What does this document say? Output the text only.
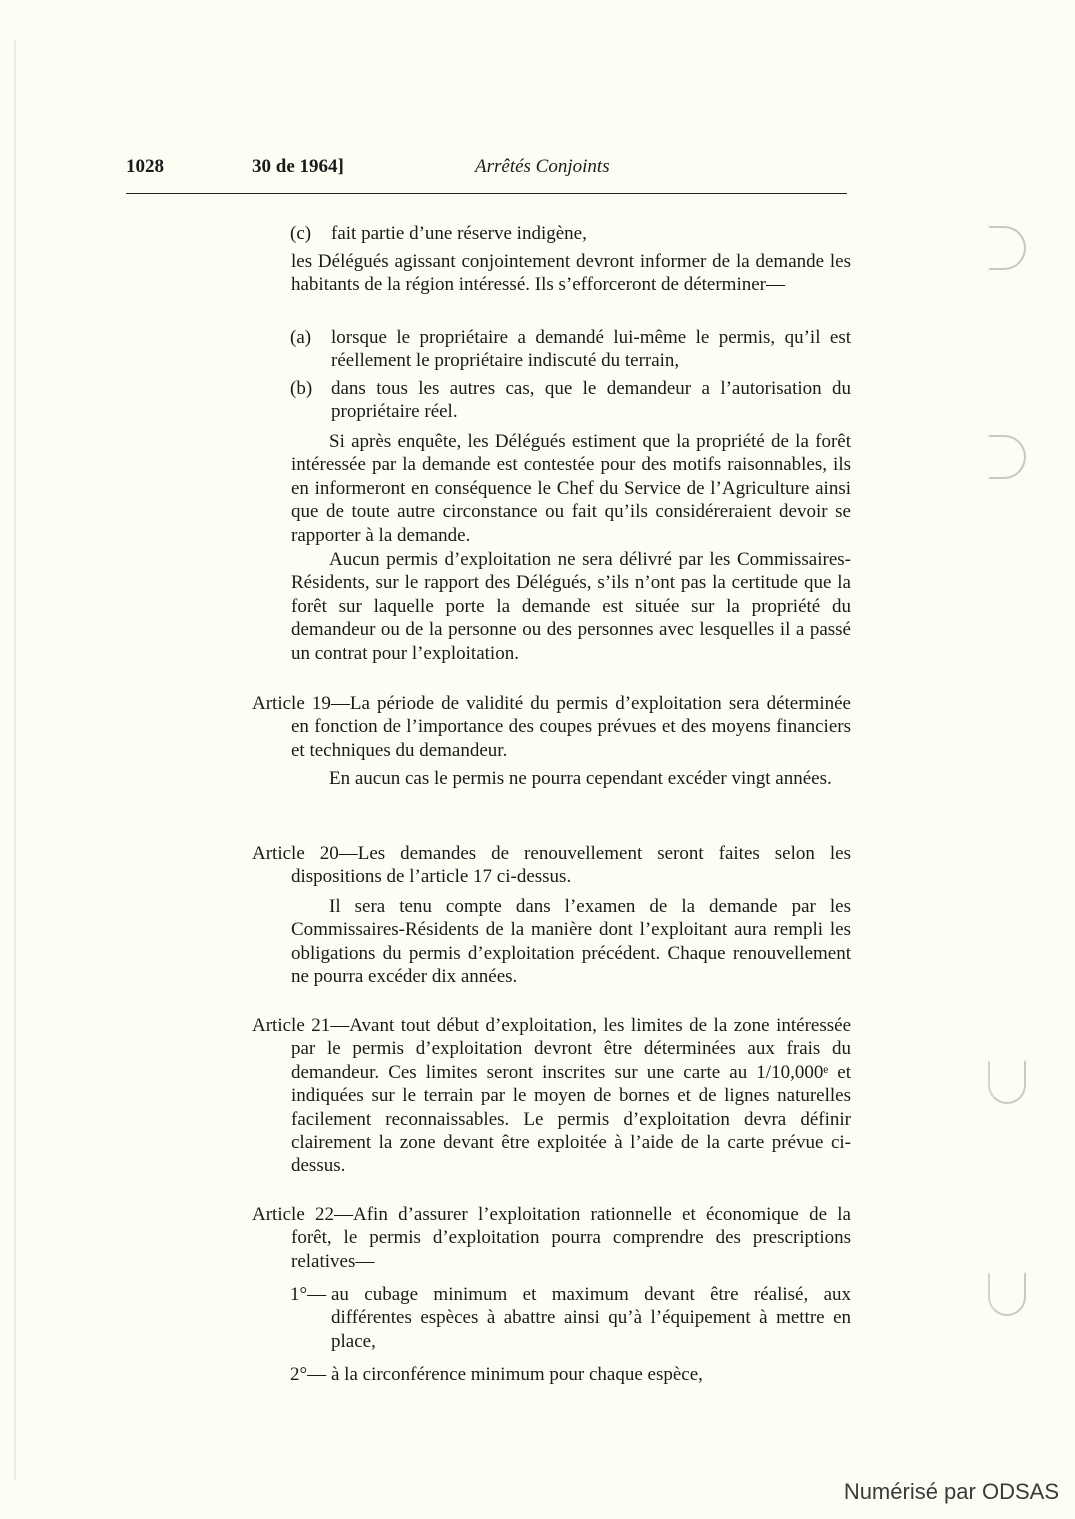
1028	30 de 1964]	Arrêtés Conjoints
(c) fait partie d’une réserve indigène,
les Délégués agissant conjointement devront informer de la demande les habitants de la région intéressé. Ils s’efforceront de déterminer—
(a) lorsque le propriétaire a demandé lui-même le permis, qu’il est réellement le propriétaire indiscuté du terrain,
(b) dans tous les autres cas, que le demandeur a l’autorisation du propriétaire réel.
Si après enquête, les Délégués estiment que la propriété de la forêt intéressée par la demande est contestée pour des motifs raisonnables, ils en informeront en conséquence le Chef du Service de l’Agriculture ainsi que de toute autre circonstance ou fait qu’ils considéreraient devoir se rapporter à la demande.
Aucun permis d’exploitation ne sera délivré par les Commissaires-Résidents, sur le rapport des Délégués, s’ils n’ont pas la certitude que la forêt sur laquelle porte la demande est située sur la propriété du demandeur ou de la personne ou des personnes avec lesquelles il a passé un contrat pour l’exploitation.
Article 19—La période de validité du permis d’exploitation sera déterminée en fonction de l’importance des coupes prévues et des moyens financiers et techniques du demandeur.
En aucun cas le permis ne pourra cependant excéder vingt années.
Article 20—Les demandes de renouvellement seront faites selon les dispositions de l’article 17 ci-dessus.
Il sera tenu compte dans l’examen de la demande par les Commissaires-Résidents de la manière dont l’exploitant aura rempli les obligations du permis d’exploitation précédent. Chaque renouvellement ne pourra excéder dix années.
Article 21—Avant tout début d’exploitation, les limites de la zone intéressée par le permis d’exploitation devront être déterminées aux frais du demandeur. Ces limites seront inscrites sur une carte au 1/10,000ᵉ et indiquées sur le terrain par le moyen de bornes et de lignes naturelles facilement reconnaissables. Le permis d’exploitation devra définir clairement la zone devant être exploitée à l’aide de la carte prévue ci-dessus.
Article 22—Afin d’assurer l’exploitation rationnelle et économique de la forêt, le permis d’exploitation pourra comprendre des prescriptions relatives—
1°— au cubage minimum et maximum devant être réalisé, aux différentes espèces à abattre ainsi qu’à l’équipement à mettre en place,
2°— à la circonférence minimum pour chaque espèce,
Numérisé par ODSAS
